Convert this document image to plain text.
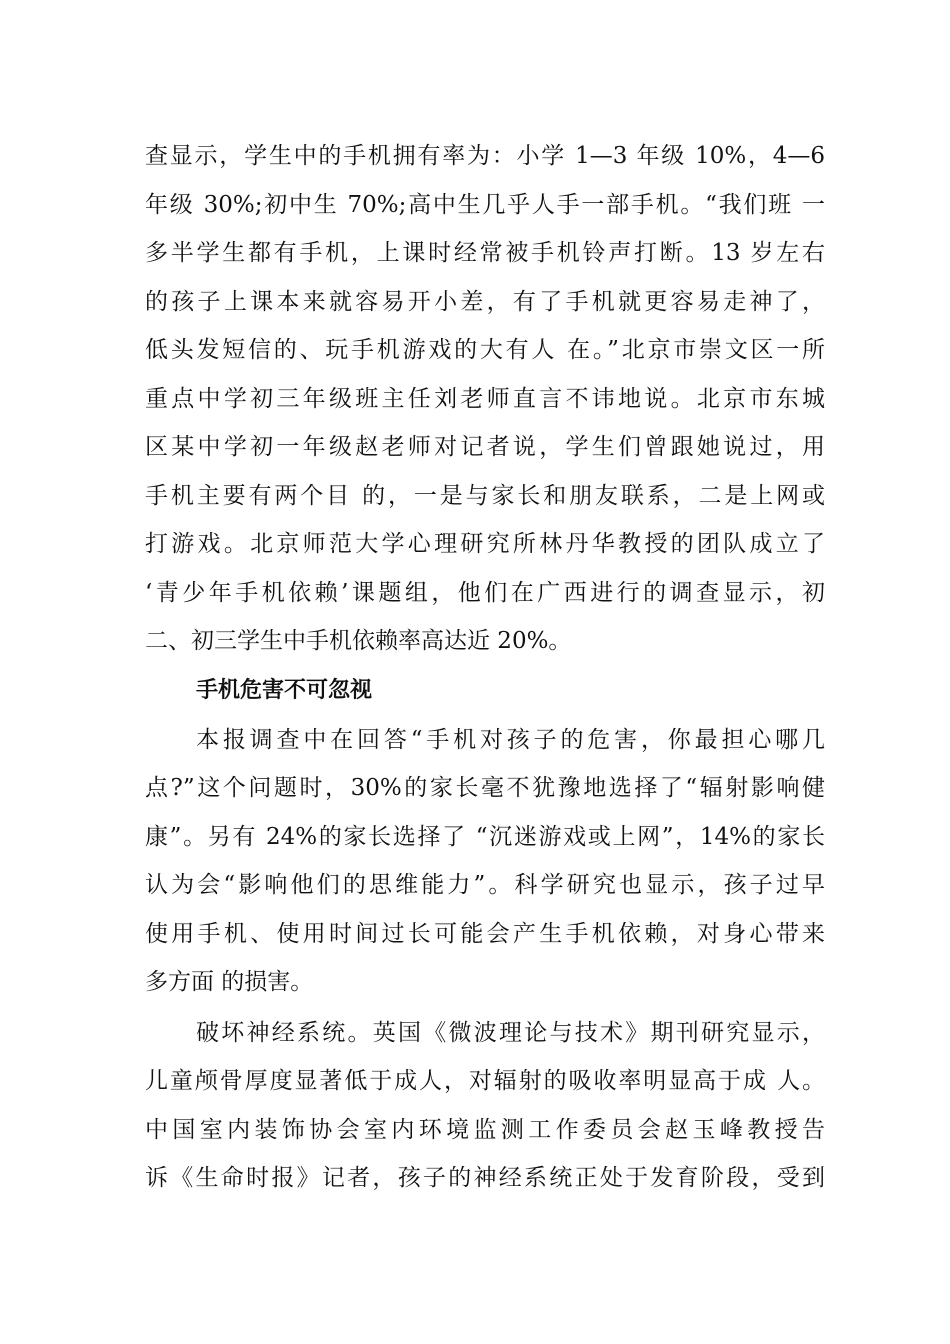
查显示，学生中的手机拥有率为：小学 1—3 年级 10%，4—6
年级 30%;初中生 70%;高中生几乎人手一部手机。“我们班 一
多半学生都有手机，上课时经常被手机铃声打断。13 岁左右
的孩子上课本来就容易开小差，有了手机就更容易走神了，
低头发短信的、玩手机游戏的大有人 在。”北京市崇文区一所
重点中学初三年级班主任刘老师直言不讳地说。北京市东城
区某中学初一年级赵老师对记者说，学生们曾跟她说过，用
手机主要有两个目 的，一是与家长和朋友联系，二是上网或
打游戏。北京师范大学心理研究所林丹华教授的团队成立了
‘青少年手机依赖’课题组，他们在广西进行的调查显示，初
二、初三学生中手机依赖率高达近 20%。
手机危害不可忽视
本报调查中在回答“手机对孩子的危害，你最担心哪几
点?”这个问题时，30%的家长毫不犹豫地选择了“辐射影响健
康”。另有 24%的家长选择了 “沉迷游戏或上网”，14%的家长
认为会“影响他们的思维能力”。科学研究也显示，孩子过早
使用手机、使用时间过长可能会产生手机依赖，对身心带来
多方面 的损害。
破坏神经系统。英国《微波理论与技术》期刊研究显示，
儿童颅骨厚度显著低于成人，对辐射的吸收率明显高于成 人。
中国室内装饰协会室内环境监测工作委员会赵玉峰教授告
诉《生命时报》记者，孩子的神经系统正处于发育阶段，受到
